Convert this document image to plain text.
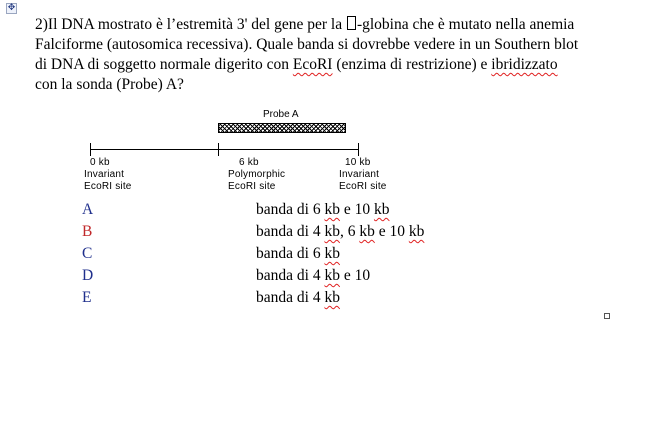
✥
2)Il DNA mostrato è l’estremità 3' del gene per la -globina che è mutato nella anemia
Falciforme (autosomica recessiva). Quale banda si dovrebbe vedere in un Southern blot
di DNA di soggetto normale digerito con EcoRI (enzima di restrizione) e ibridizzato
con la sonda (Probe) A?
Probe A
0 kb
Invariant
EcoRI site
6 kb
Polymorphic
EcoRI site
10 kb
Invariant
EcoRI site
A	banda di 6 kb e 10 kb
B	banda di 4 kb, 6 kb e 10 kb
C	banda di 6 kb
D	banda di 4 kb e 10
E	banda di 4 kb
